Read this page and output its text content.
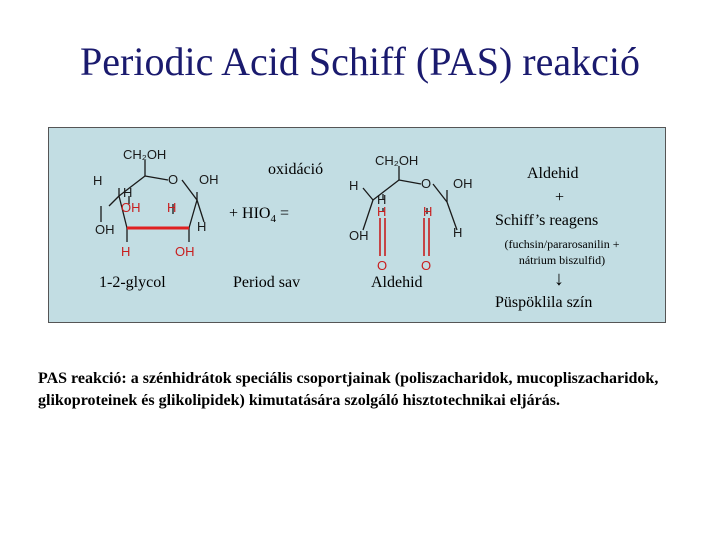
Periodic Acid Schiff (PAS) reakció
CH₂OH
O OH
H
H
OH	H
OH H
H	OH
CH₂OH
O OH
H
H
OH	H
H	H
O	O
oxidáció
+ $HIO_4$ =
1-2-glycol	Period sav	Aldehid
Aldehid
+
Schiff’s reagens
(fuchsin/pararosanilin +
nátrium biszulfid)
↓
Püspöklila szín
PAS reakció: a szénhidrátok speciális csoportjainak (poliszacharidok, mucopliszacharidok, glikoproteinek és glikolipidek) kimutatására szolgáló hisztotechnikai eljárás.
